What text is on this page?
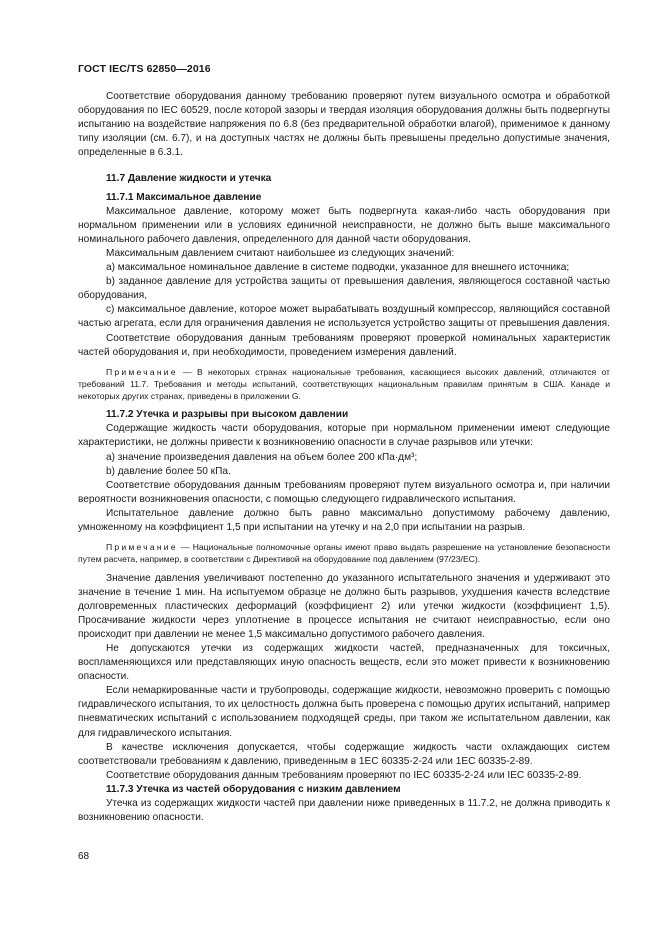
ГОСТ IEC/TS 62850—2016

Соответствие оборудования данному требованию проверяют путем визуального осмотра и обработкой оборудования по IEC 60529, после которой зазоры и твердая изоляция оборудования должны быть подвергнуты испытанию на воздействие напряжения по 6.8 (без предварительной обработки влагой), применимое к данному типу изоляции (см. 6.7), и на доступных частях не должны быть превышены предельно допустимые значения, определенные в 6.3.1.

11.7 Давление жидкости и утечка

11.7.1 Максимальное давление

Максимальное давление, которому может быть подвергнута какая-либо часть оборудования при нормальном применении или в условиях единичной неисправности, не должно быть выше максимального номинального рабочего давления, определенного для данной части оборудования.

Максимальным давлением считают наибольшее из следующих значений:

a) максимальное номинальное давление в системе подводки, указанное для внешнего источника;

b) заданное давление для устройства защиты от превышения давления, являющегося составной частью оборудования,

c) максимальное давление, которое может вырабатывать воздушный компрессор, являющийся составной частью агрегата, если для ограничения давления не используется устройство защиты от превышения давления.

Соответствие оборудования данным требованиям проверяют проверкой номинальных характеристик частей оборудования и, при необходимости, проведением измерения давлений.

Примечание — В некоторых странах национальные требования, касающиеся высоких давлений, отличаются от требований 11.7. Требования и методы испытаний, соответствующих национальным правилам принятым в США. Канаде и некоторых других странах, приведены в приложении G.

11.7.2 Утечка и разрывы при высоком давлении

Содержащие жидкость части оборудования, которые при нормальном применении имеют следующие характеристики, не должны привести к возникновению опасности в случае разрывов или утечки:

a) значение произведения давления на объем более 200 кПа·дм³;

b) давление более 50 кПа.

Соответствие оборудования данным требованиям проверяют путем визуального осмотра и, при наличии вероятности возникновения опасности, с помощью следующего гидравлического испытания.

Испытательное давление должно быть равно максимально допустимому рабочему давлению, умноженному на коэффициент 1,5 при испытании на утечку и на 2,0 при испытании на разрыв.

Примечание — Национальные полномочные органы имеют право выдать разрешение на установление безопасности путем расчета, например, в соответствии с Директивой на оборудование под давлением (97/23/EC).

Значение давления увеличивают постепенно до указанного испытательного значения и удерживают это значение в течение 1 мин. На испытуемом образце не должно быть разрывов, ухудшения качеств вследствие долговременных пластических деформаций (коэффициент 2) или утечки жидкости (коэффициент 1,5). Просачивание жидкости через уплотнение в процессе испытания не считают неисправностью, если оно происходит при давлении не менее 1,5 максимально допустимого рабочего давления.

Не допускаются утечки из содержащих жидкости частей, предназначенных для токсичных, воспламеняющихся или представляющих иную опасность веществ, если это может привести к возникновению опасности.

Если немаркированные части и трубопроводы, содержащие жидкости, невозможно проверить с помощью гидравлического испытания, то их целостность должна быть проверена с помощью других испытаний, например пневматических испытаний с использованием подходящей среды, при таком же испытательном давлении, как для гидравлического испытания.

В качестве исключения допускается, чтобы содержащие жидкость части охлаждающих систем соответствовали требованиям к давлению, приведенным в 1EC 60335-2-24 или 1EC 60335-2-89.

Соответствие оборудования данным требованиям проверяют по IEC 60335-2-24 или IEC 60335-2-89.

11.7.3 Утечка из частей оборудования с низким давлением

Утечка из содержащих жидкости частей при давлении ниже приведенных в 11.7.2, не должна приводить к возникновению опасности.

68
